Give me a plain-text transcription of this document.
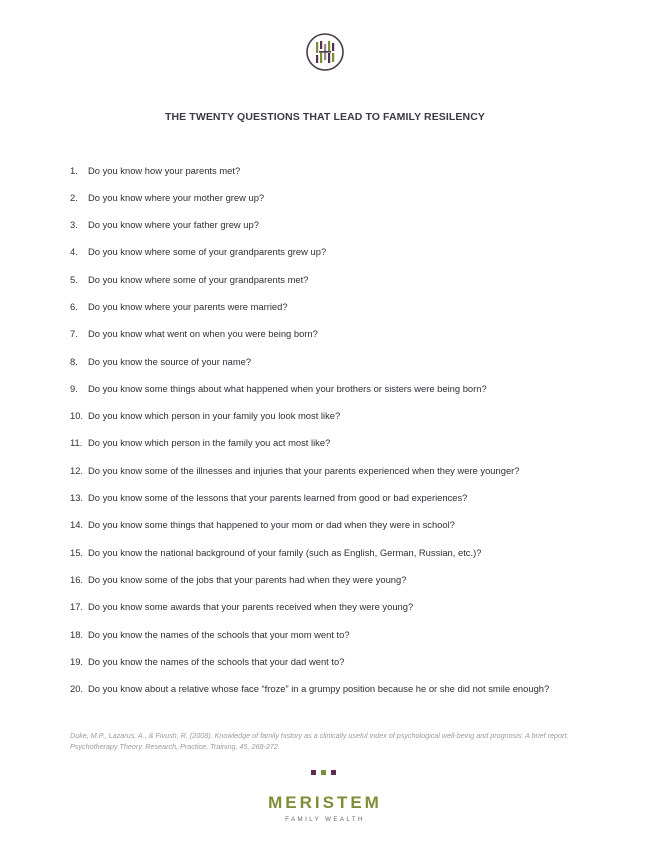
THE TWENTY QUESTIONS THAT LEAD TO FAMILY RESILENCY
1.	Do you know how your parents met?
2.	Do you know where your mother grew up?
3.	Do you know where your father grew up?
4.	Do you know where some of your grandparents grew up?
5.	Do you know where some of your grandparents met?
6.	Do you know where your parents were married?
7.	Do you know what went on when you were being born?
8.	Do you know the source of your name?
9.	Do you know some things about what happened when your brothers or sisters were being born?
10. Do you know which person in your family you look most like?
11. Do you know which person in the family you act most like?
12. Do you know some of the illnesses and injuries that your parents experienced when they were younger?
13. Do you know some of the lessons that your parents learned from good or bad experiences?
14. Do you know some things that happened to your mom or dad when they were in school?
15. Do you know the national background of your family (such as English, German, Russian, etc.)?
16. Do you know some of the jobs that your parents had when they were young?
17. Do you know some awards that your parents received when they were young?
18. Do you know the names of the schools that your mom went to?
19. Do you know the names of the schools that your dad went to?
20. Do you know about a relative whose face “froze” in a grumpy position because he or she did not smile enough?
Duke, M.P., Lazarus, A., & Fivush, R. (2008). Knowledge of family history as a clinically useful index of psychological well-being and prognosis: A brief report. Psychotherapy Theory, Research, Practice, Training, 45, 268-272.
MERISTEM
FAMILY WEALTH
